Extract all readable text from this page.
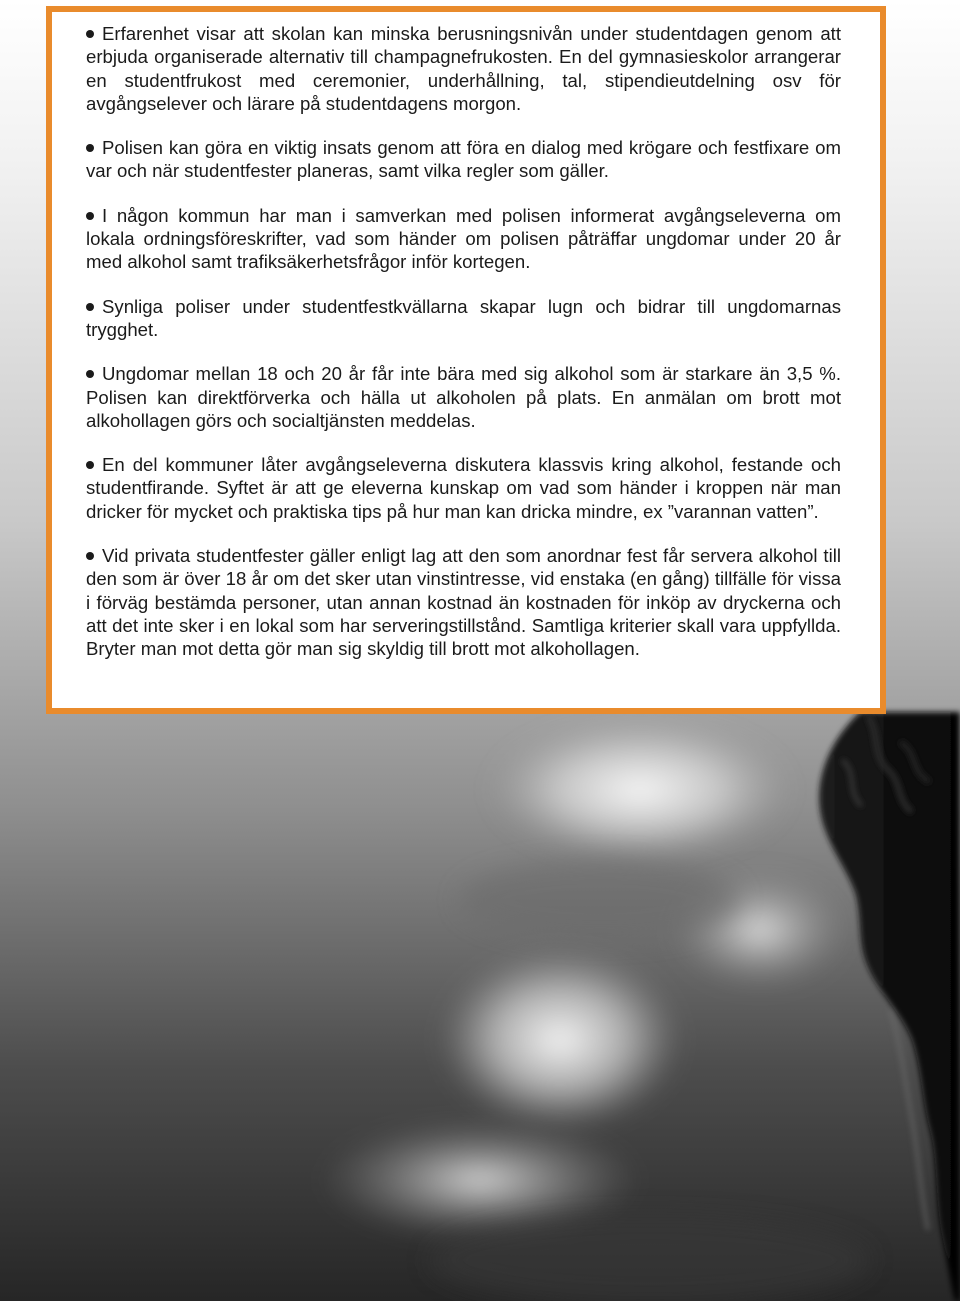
Erfarenhet visar att skolan kan minska berusningsnivån under studentdagen genom att erbjuda organiserade alternativ till champagnefrukosten. En del gymnasieskolor arrangerar en studentfrukost med ceremonier, underhållning, tal, stipendieutdelning osv för avgångselever och lärare på studentdagens morgon.
Polisen kan göra en viktig insats genom att föra en dialog med krögare och festfixare om var och när studentfester planeras, samt vilka regler som gäller.
I någon kommun har man i samverkan med polisen informerat avgångseleverna om lokala ordningsföreskrifter, vad som händer om polisen påträffar ungdomar under 20 år med alkohol samt trafiksäkerhetsfrågor inför kortegen.
Synliga poliser under studentfestkvällarna skapar lugn och bidrar till ungdomarnas trygghet.
Ungdomar mellan 18 och 20 år får inte bära med sig alkohol som är starkare än 3,5 %. Polisen kan direktförverka och hälla ut alkoholen på plats. En anmälan om brott mot alkohollagen görs och socialtjänsten meddelas.
En del kommuner låter avgångseleverna diskutera klassvis kring alkohol, festande och studentfirande. Syftet är att ge eleverna kunskap om vad som händer i kroppen när man dricker för mycket och praktiska tips på hur man kan dricka mindre, ex ”varannan vatten”.
Vid privata studentfester gäller enligt lag att den som anordnar fest får servera alkohol till den som är över 18 år om det sker utan vinstintresse, vid enstaka (en gång) tillfälle för vissa i förväg bestämda personer, utan annan kostnad än kostnaden för inköp av dryckerna och att det inte sker i en lokal som har serveringstillstånd. Samtliga kriterier skall vara uppfyllda. Bryter man mot detta gör man sig skyldig till brott mot alkohollagen.
